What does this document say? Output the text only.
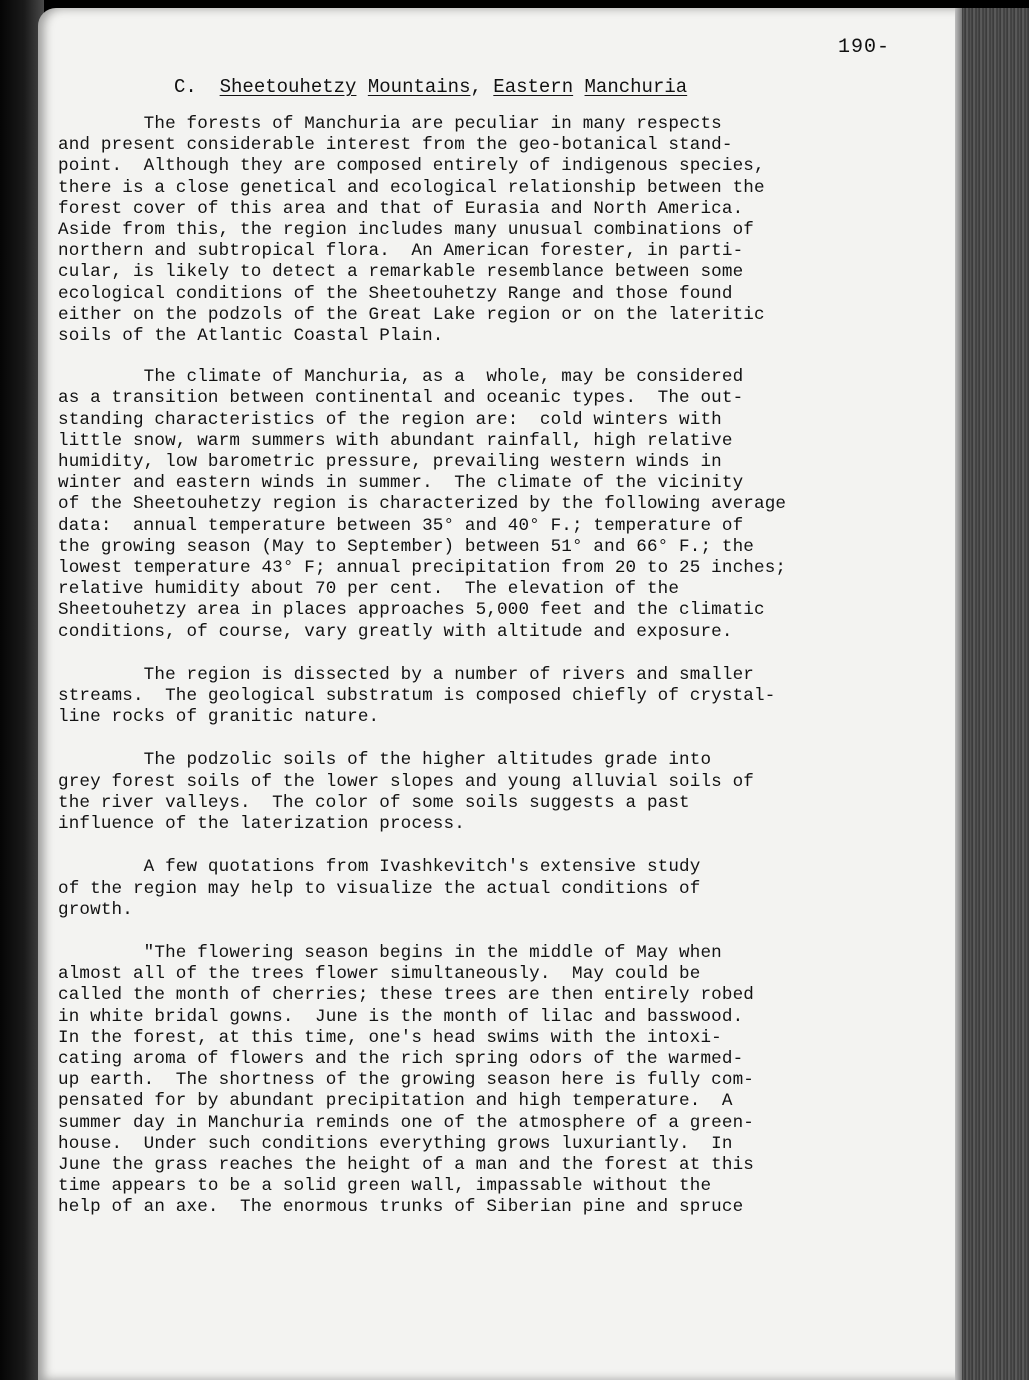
190-
C. Sheetouhetzy Mountains, Eastern Manchuria

The forests of Manchuria are peculiar in many respects
and present considerable interest from the geo-botanical stand-
point.  Although they are composed entirely of indigenous species,
there is a close genetical and ecological relationship between the
forest cover of this area and that of Eurasia and North America.
Aside from this, the region includes many unusual combinations of
northern and subtropical flora.  An American forester, in parti-
cular, is likely to detect a remarkable resemblance between some
ecological conditions of the Sheetouhetzy Range and those found
either on the podzols of the Great Lake region or on the lateritic
soils of the Atlantic Coastal Plain.

The climate of Manchuria, as a  whole, may be considered
as a transition between continental and oceanic types.  The out-
standing characteristics of the region are:  cold winters with
little snow, warm summers with abundant rainfall, high relative
humidity, low barometric pressure, prevailing western winds in
winter and eastern winds in summer.  The climate of the vicinity
of the Sheetouhetzy region is characterized by the following average
data:  annual temperature between 35° and 40° F.; temperature of
the growing season (May to September) between 51° and 66° F.; the
lowest temperature 43° F; annual precipitation from 20 to 25 inches;
relative humidity about 70 per cent.  The elevation of the
Sheetouhetzy area in places approaches 5,000 feet and the climatic
conditions, of course, vary greatly with altitude and exposure.

The region is dissected by a number of rivers and smaller
streams.  The geological substratum is composed chiefly of crystal-
line rocks of granitic nature.

The podzolic soils of the higher altitudes grade into
grey forest soils of the lower slopes and young alluvial soils of
the river valleys.  The color of some soils suggests a past
influence of the laterization process.

A few quotations from Ivashkevitch's extensive study
of the region may help to visualize the actual conditions of
growth.

"The flowering season begins in the middle of May when
almost all of the trees flower simultaneously.  May could be
called the month of cherries; these trees are then entirely robed
in white bridal gowns.  June is the month of lilac and basswood.
In the forest, at this time, one's head swims with the intoxi-
cating aroma of flowers and the rich spring odors of the warmed-
up earth.  The shortness of the growing season here is fully com-
pensated for by abundant precipitation and high temperature.  A
summer day in Manchuria reminds one of the atmosphere of a green-
house.  Under such conditions everything grows luxuriantly.  In
June the grass reaches the height of a man and the forest at this
time appears to be a solid green wall, impassable without the
help of an axe.  The enormous trunks of Siberian pine and spruce
